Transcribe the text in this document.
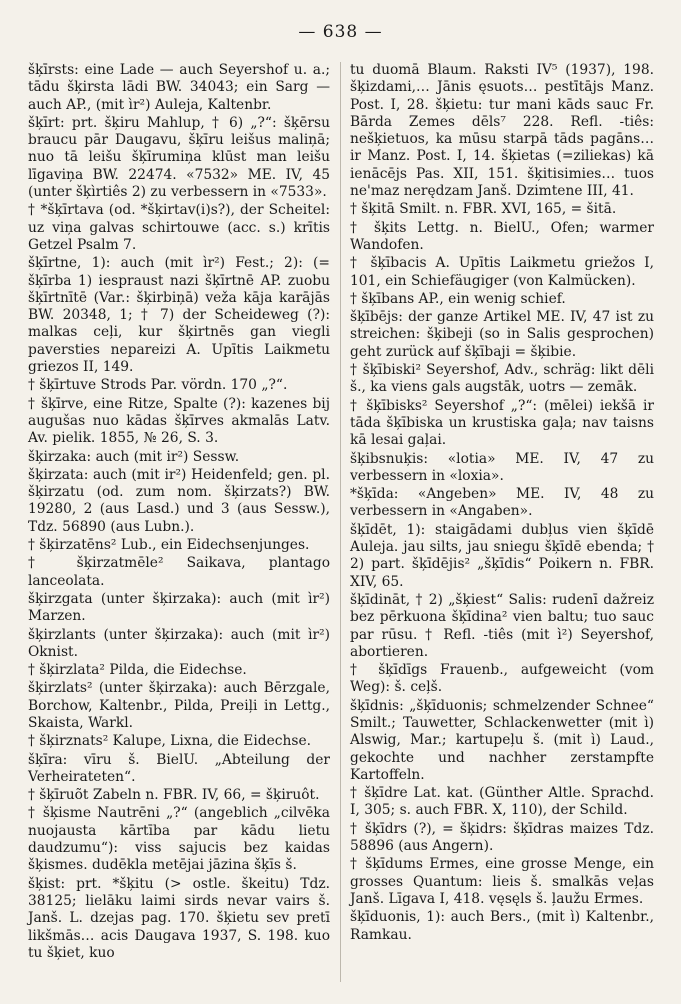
— 638 —

šķīrsts: eine Lade — auch Seyershof u. a.; tādu šķirsta lādi BW. 34043; ein Sarg — auch AP., (mit ìr²) Auleja, Kaltenbr.

šķīrt: prt. šķiru Mahlup, † 6) „?“: šķērsu braucu pār Daugavu, šķīru leišus maliņā; nuo tā leišu šķīrumiņa klūst man leišu līgaviņa BW. 22474. «7532» ME. IV, 45 (unter šķìrtiês 2) zu verbessern in «7533».

† *šķīrtava (od. *šķirtav(i)s?), der Scheitel: uz viņa galvas schirtouwe (acc. s.) krītis Getzel Psalm 7.

šķīrtne, 1): auch (mit ìr²) Fest.; 2): (= šķīrba 1) iespraust nazi šķīrtnē AP. zuobu šķīrtnītē (Var.: šķirbiņā) veža kāja karājās BW. 20348, 1; † 7) der Scheideweg (?): malkas ceļi, kur šķirtnēs gan viegli paversties neparеizi A. Upītis Laikmetu griezos II, 149.

† šķīrtuve Strods Par. vördn. 170 „?“.

† šķīrve, eine Ritze, Spalte (?): kazenes bij augušas nuo kādas šķīrves akmalās Latv. Av. pielik. 1855, № 26, S. 3.

šķirzaka: auch (mit ir²) Sessw.

šķirzata: auch (mit ir²) Heidenfeld; gen. pl. šķirzatu (od. zum nom. šķirzats?) BW. 19280, 2 (aus Lasd.) und 3 (aus Sessw.), Tdz. 56890 (aus Lubn.).

† šķirzatēns² Lub., ein Eidechsenjunges.

† šķirzatmēle² Saikava, plantago lanceolata.

šķirzgata (unter šķirzaka): auch (mit ìr²) Marzen.

šķirzlants (unter šķirzaka): auch (mit ìr²) Oknist.

† šķirzlata² Pilda, die Eidechse.

šķirzlats² (unter šķirzaka): auch Bērzgale, Borchow, Kaltenbr., Pilda, Preiļi in Lettg., Skaista, Warkl.

† šķirznats² Kalupe, Lixna, die Eidechse.

šķīra: vīru š. BielU. „Abteilung der Verheirateten“.

† šķīruõt Zabeln n. FBR. IV, 66, = šķiruôt.

† šķisme Nautrēni „?“ (angeblich „cilvēka nuojausta kārtība par kādu lietu daudzumu“): viss sajucis bez kaidas šķismes. dudēkla metējai jāzina šķīs š.

šķist: prt. *šķitu (> ostle. škeitu) Tdz. 38125; lielāku laimi sirds nevar vairs š. Janš. L. dzejas pag. 170. šķietu sev pretī likšmās… acis Daugava 1937, S. 198. kuo tu šķiet, kuo

tu duomā Blaum. Raksti IV⁵ (1937), 198. šķizdami,… Jānis ęsuots… pestītājs Manz. Post. I, 28. šķietu: tur mani kāds sauc Fr. Bārda Zemes dēls⁷ 228. Refl. -tiês: nešķietuos, ka mūsu starpā tāds pagāns… ir Manz. Post. I, 14. šķietas (=ziliekas) kā ienācējs Pas. XII, 151. šķitisimies… tuos ne'maz nerędzam Janš. Dzimtene III, 41.

† šķitā Smilt. n. FBR. XVI, 165, = šitā.

† šķits Lettg. n. BielU., Ofen; warmer Wandofen.

† šķībacis A. Upītis Laikmetu griežos I, 101, ein Schiefäugiger (von Kalmücken).

† šķībans AP., ein wenig schief.

šķībējs: der ganze Artikel ME. IV, 47 ist zu streichen: šķibeji (so in Salis gesprochen) geht zurück auf šķībaji = šķibie.

† šķībiski² Seyershof, Adv., schräg: likt dēli š., ka viens gals augstāk, uotrs — zemāk.

† šķībisks² Seyershof „?“: (mēlei) iekšā ir tāda šķībiska un krustiska gaļa; nav taisns kā lesai gaļai.

šķibsnuķis: «lotia» ME. IV, 47 zu verbessern in «loxia».

*šķīda: «Angeben» ME. IV, 48 zu verbessern in «Angaben».

šķīdēt, 1): staigādami dubļus vien šķīdē Auleja. jau silts, jau sniegu šķīdē ebenda; † 2) part. šķīdējis² „šķīdis“ Poikern n. FBR. XIV, 65.

šķīdināt, † 2) „šķiest“ Salis: rudenī dažreiz bez pērkuona šķīdina² vien baltu; tuo sauc par rūsu. † Refl. -tiês (mit ì²) Seyershof, abortieren.

† šķīdīgs Frauenb., aufgeweicht (vom Weg): š. ceļš.

šķīdnis: „šķīduonis; schmelzender Schnee“ Smilt.; Tauwetter, Schlackenwetter (mit ì) Alswig, Mar.; kartupeļu š. (mit ì) Laud., gekochte und nachher zerstampfte Kartoffeln.

† šķīdre Lat. kat. (Günther Altle. Sprachd. I, 305; s. auch FBR. X, 110), der Schild.

† šķīdrs (?), = šķidrs: šķīdras maizes Tdz. 58896 (aus Angern).

† šķīdums Ermes, eine grosse Menge, ein grosses Quantum: lieis š. smalkās veļas Janš. Līgava I, 418. vęsęls š. ļaužu Ermes.

šķīduonis, 1): auch Bers., (mit ì) Kaltenbr., Ramkau.
